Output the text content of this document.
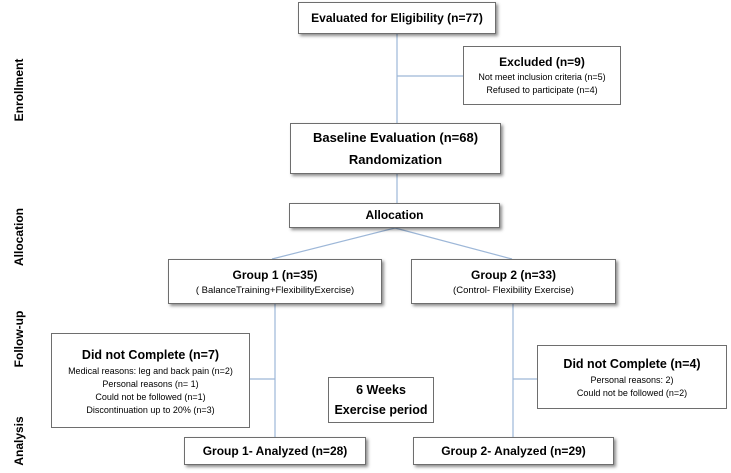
Enrollment
Allocation
Follow-up
Analysis
Evaluated for Eligibility (n=77)
Excluded (n=9)
Not meet inclusion criteria (n=5)
Refused to participate (n=4)
Baseline Evaluation (n=68)
Randomization
Allocation
Group 1 (n=35)
( BalanceTraining+FlexibilityExercise)
Group 2 (n=33)
(Control- Flexibility Exercise)
Did not Complete (n=7)
Medical reasons: leg and back pain (n=2)
Personal reasons (n= 1)
Could not be followed (n=1)
Discontinuation up to 20% (n=3)
6 Weeks
Exercise period
Did not Complete (n=4)
Personal reasons: 2)
Could not be followed (n=2)
Group 1- Analyzed (n=28)	Group 2- Analyzed (n=29)
